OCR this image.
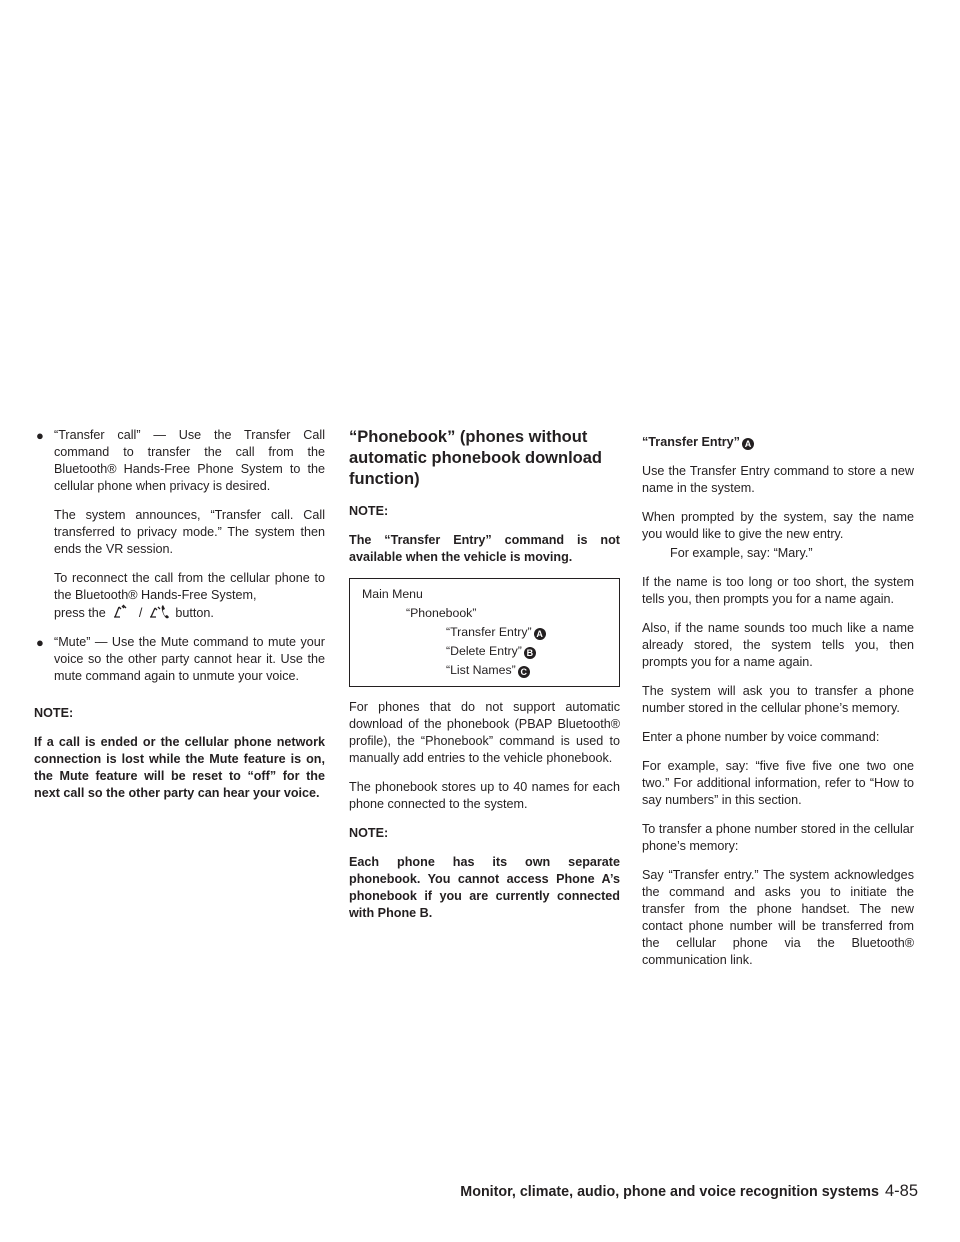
● “Transfer call” — Use the Transfer Call command to transfer the call from the Bluetooth® Hands-Free Phone System to the cellular phone when privacy is desired.

The system announces, “Transfer call. Call transferred to privacy mode.” The system then ends the VR session.

To reconnect the call from the cellular phone to the Bluetooth® Hands-Free System,
press the	/	button.

● “Mute” — Use the Mute command to mute your voice so the other party cannot hear it. Use the mute command again to unmute your voice.

NOTE:

If a call is ended or the cellular phone network connection is lost while the Mute feature is on, the Mute feature will be reset to “off” for the next call so the other party can hear your voice.

“Phonebook” (phones without automatic phonebook download function)

NOTE:

The “Transfer Entry” command is not available when the vehicle is moving.

Main Menu
“Phonebook”
“Transfer Entry” A
“Delete Entry” B
“List Names” C

For phones that do not support automatic download of the phonebook (PBAP Bluetooth® profile), the “Phonebook” command is used to manually add entries to the vehicle phonebook.

The phonebook stores up to 40 names for each phone connected to the system.

NOTE:

Each phone has its own separate phonebook. You cannot access Phone A’s phonebook if you are currently connected with Phone B.

“Transfer Entry” A

Use the Transfer Entry command to store a new name in the system.

When prompted by the system, say the name you would like to give the new entry.

For example, say: “Mary.”

If the name is too long or too short, the system tells you, then prompts you for a name again.

Also, if the name sounds too much like a name already stored, the system tells you, then prompts you for a name again.

The system will ask you to transfer a phone number stored in the cellular phone’s memory.

Enter a phone number by voice command:

For example, say: “five five five one two one two.” For additional information, refer to “How to say numbers” in this section.

To transfer a phone number stored in the cellular phone’s memory:

Say “Transfer entry.” The system acknowledges the command and asks you to initiate the transfer from the phone handset. The new contact phone number will be transferred from the cellular phone via the Bluetooth® communication link.

Monitor, climate, audio, phone and voice recognition systems 4-85
